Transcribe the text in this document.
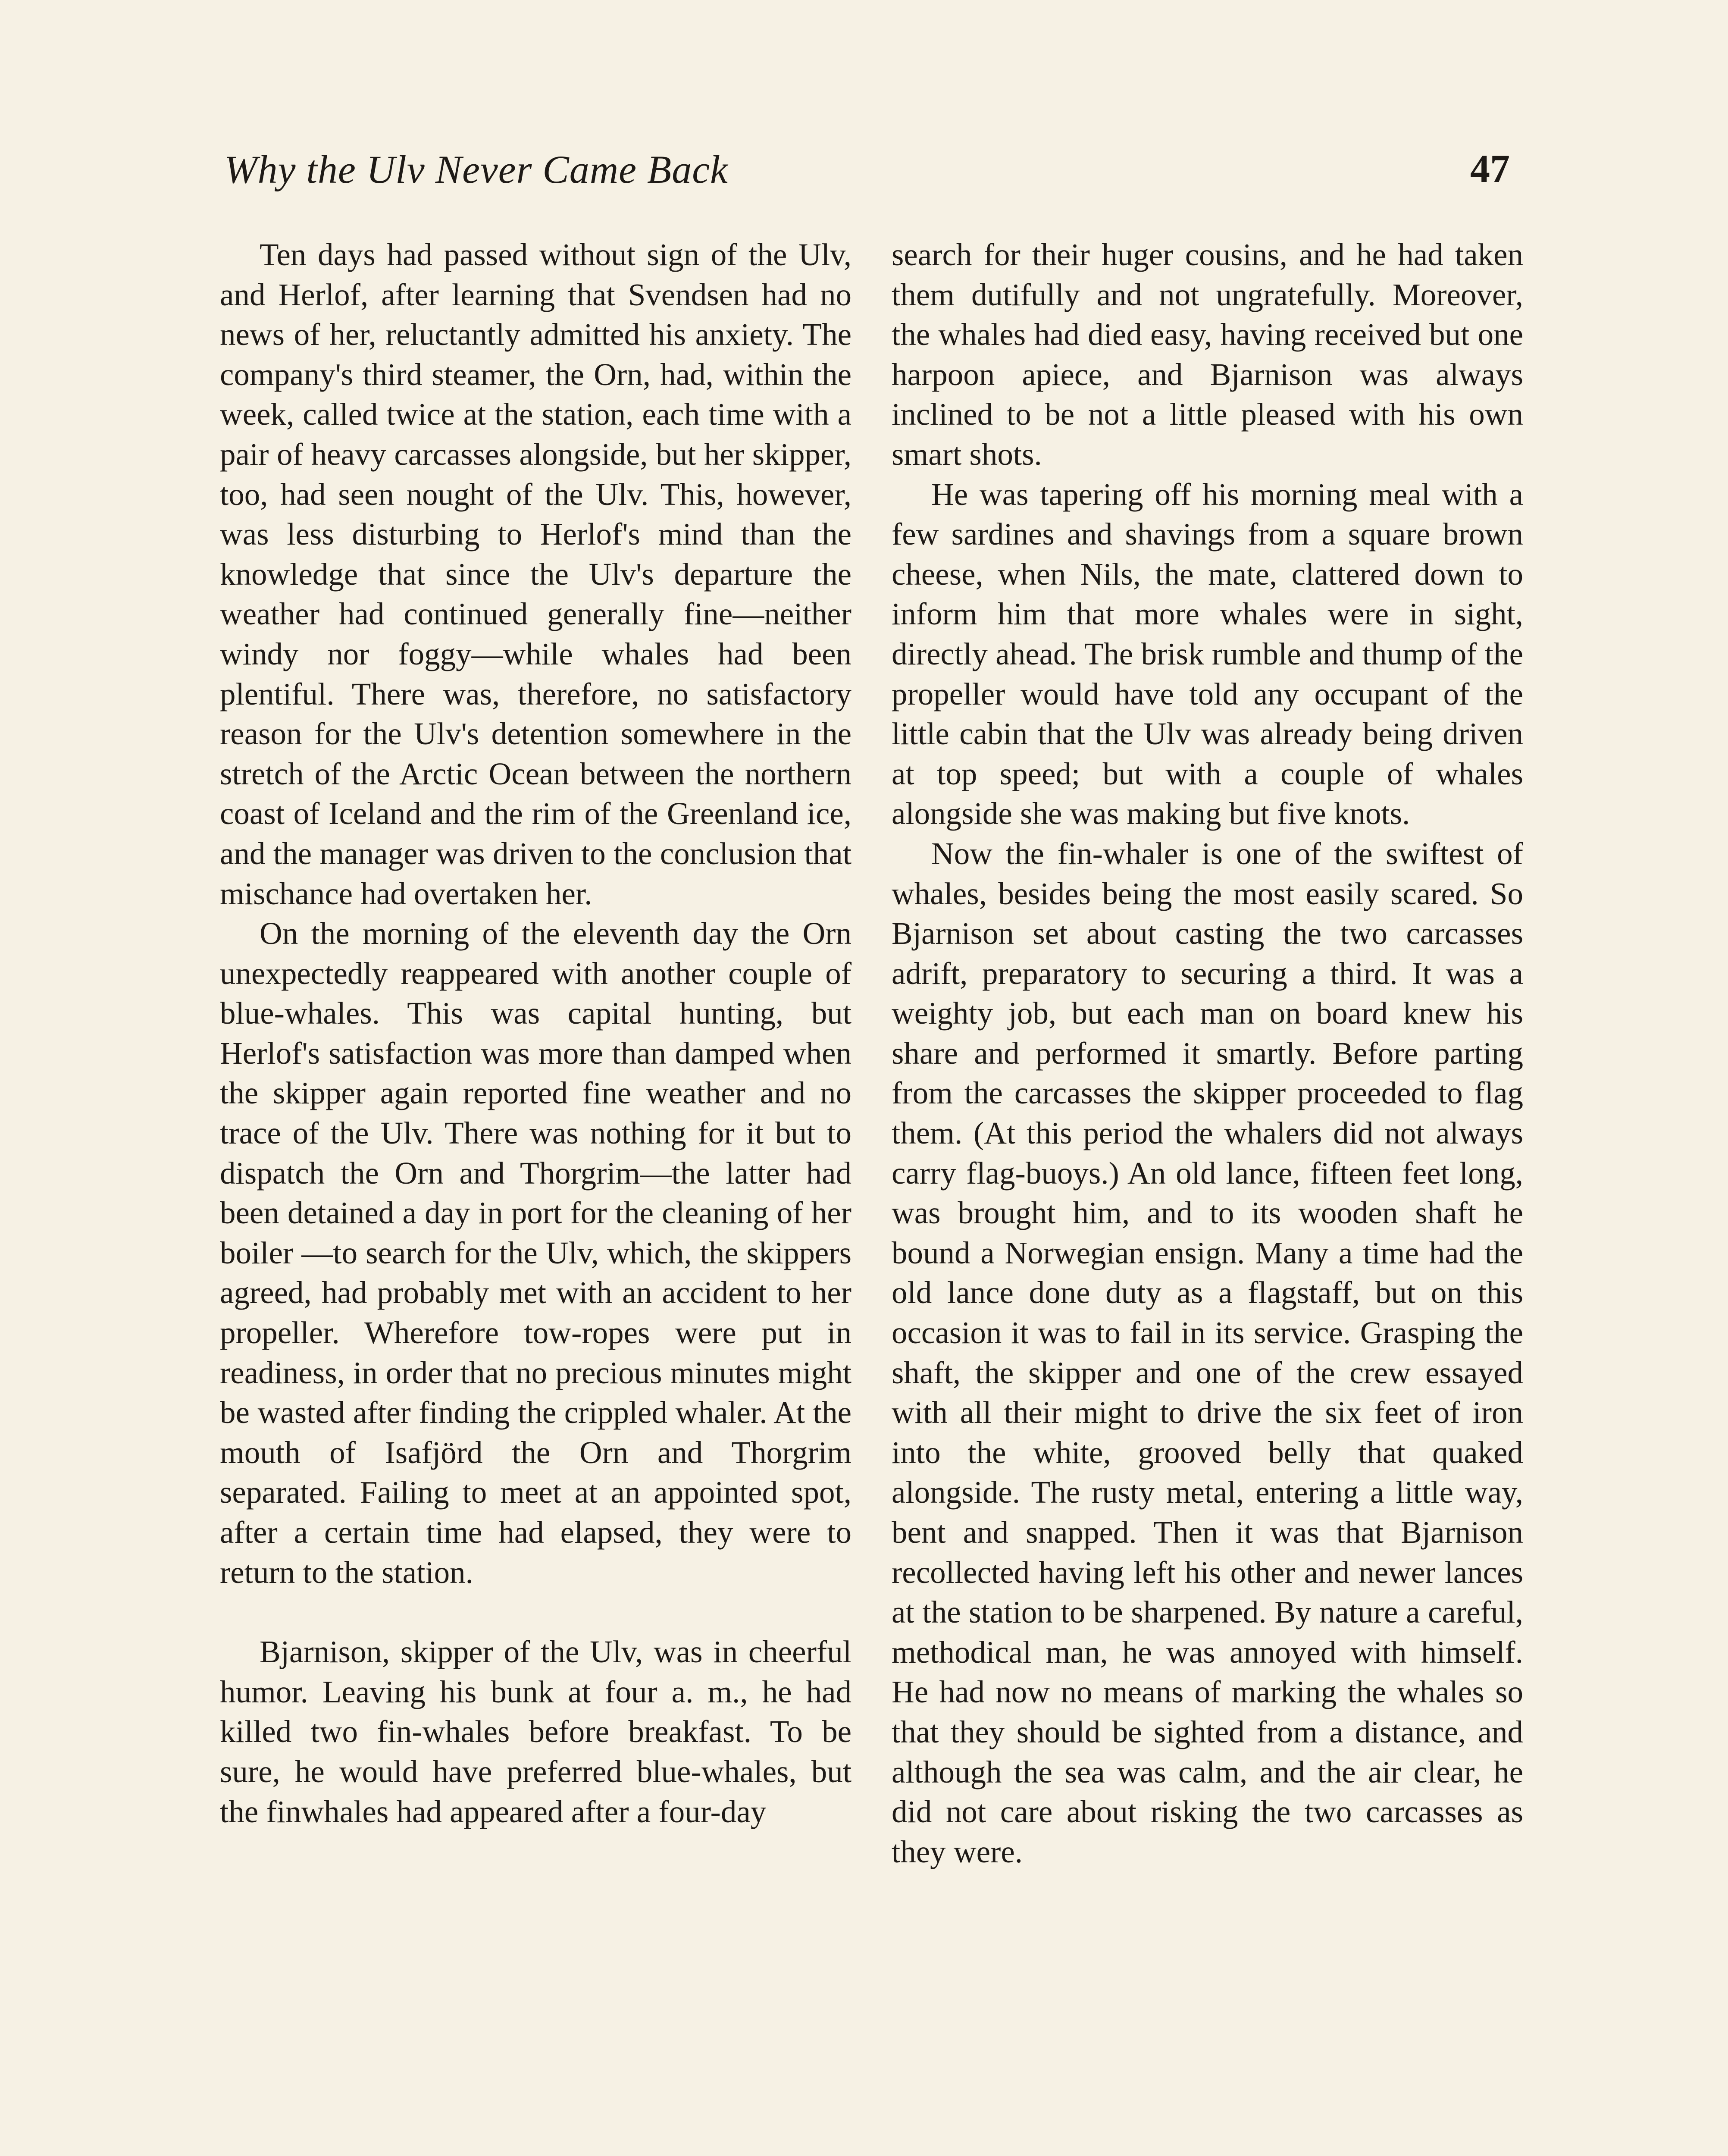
Why the Ulv Never Came Back	47

Ten days had passed without sign of the Ulv, and Herlof, after learning that Svendsen had no news of her, reluctantly admitted his anxiety. The company's third steamer, the Orn, had, within the week, called twice at the station, each time with a pair of heavy carcasses alongside, but her skipper, too, had seen nought of the Ulv. This, however, was less disturbing to Herlof's mind than the knowledge that since the Ulv's departure the weather had continued generally fine—neither windy nor foggy—while whales had been plentiful. There was, therefore, no satisfactory reason for the Ulv's detention somewhere in the stretch of the Arctic Ocean between the northern coast of Iceland and the rim of the Greenland ice, and the manager was driven to the conclusion that mischance had overtaken her.

On the morning of the eleventh day the Orn unexpectedly reappeared with another couple of blue-whales. This was capital hunting, but Herlof's satisfaction was more than damped when the skipper again reported fine weather and no trace of the Ulv. There was nothing for it but to dispatch the Orn and Thorgrim—the latter had been detained a day in port for the cleaning of her boiler —to search for the Ulv, which, the skippers agreed, had probably met with an accident to her propeller. Wherefore tow-ropes were put in readiness, in order that no precious minutes might be wasted after finding the crippled whaler. At the mouth of Isafjörd the Orn and Thorgrim separated. Failing to meet at an appointed spot, after a certain time had elapsed, they were to return to the station.

Bjarnison, skipper of the Ulv, was in cheerful humor. Leaving his bunk at four a. m., he had killed two fin-whales before breakfast. To be sure, he would have preferred blue-whales, but the finwhales had appeared after a four-day

search for their huger cousins, and he had taken them dutifully and not ungratefully. Moreover, the whales had died easy, having received but one harpoon apiece, and Bjarnison was always inclined to be not a little pleased with his own smart shots.

He was tapering off his morning meal with a few sardines and shavings from a square brown cheese, when Nils, the mate, clattered down to inform him that more whales were in sight, directly ahead. The brisk rumble and thump of the propeller would have told any occupant of the little cabin that the Ulv was already being driven at top speed; but with a couple of whales alongside she was making but five knots.

Now the fin-whaler is one of the swiftest of whales, besides being the most easily scared. So Bjarnison set about casting the two carcasses adrift, preparatory to securing a third. It was a weighty job, but each man on board knew his share and performed it smartly. Before parting from the carcasses the skipper proceeded to flag them. (At this period the whalers did not always carry flag-buoys.) An old lance, fifteen feet long, was brought him, and to its wooden shaft he bound a Norwegian ensign. Many a time had the old lance done duty as a flagstaff, but on this occasion it was to fail in its service. Grasping the shaft, the skipper and one of the crew essayed with all their might to drive the six feet of iron into the white, grooved belly that quaked alongside. The rusty metal, entering a little way, bent and snapped. Then it was that Bjarnison recollected having left his other and newer lances at the station to be sharpened. By nature a careful, methodical man, he was annoyed with himself. He had now no means of marking the whales so that they should be sighted from a distance, and although the sea was calm, and the air clear, he did not care about risking the two carcasses as they were.
